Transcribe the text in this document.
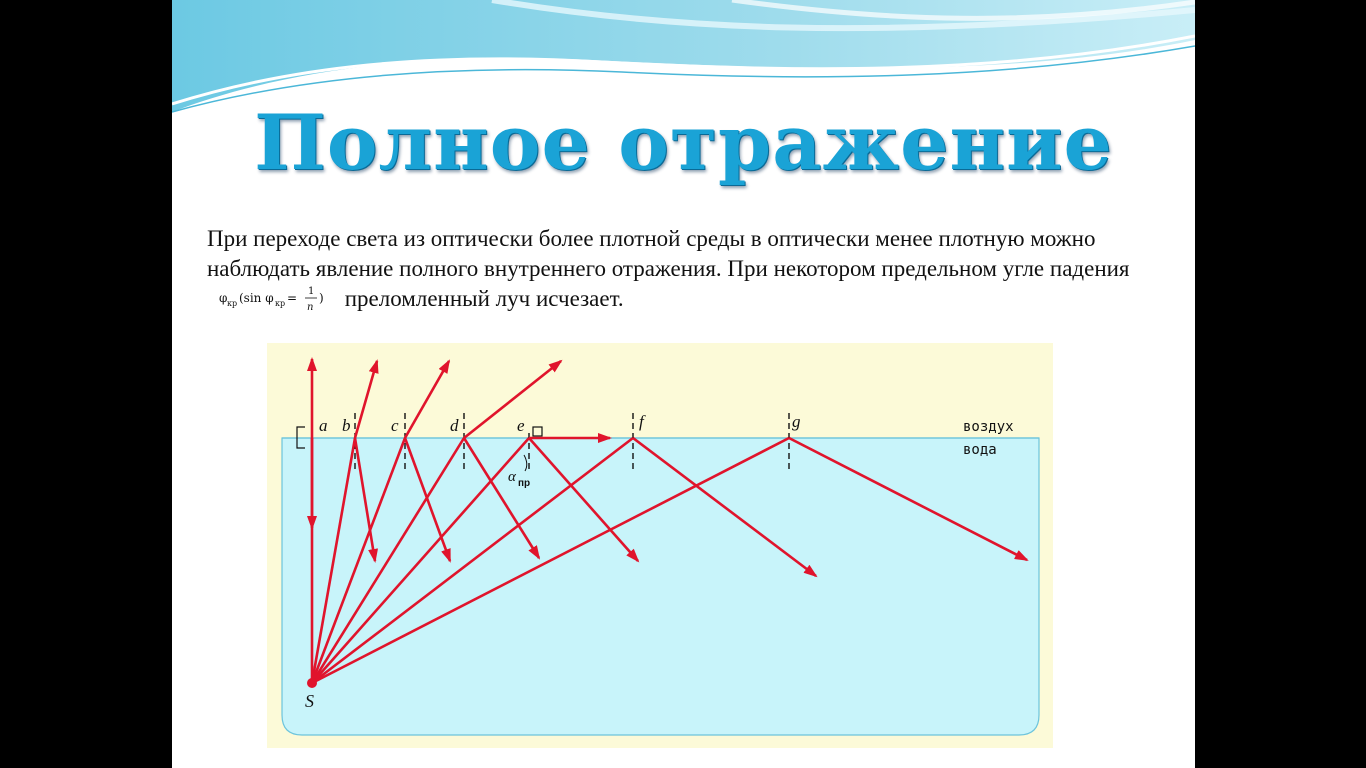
Полное отражение
При переходе света из оптически более плотной среды в оптически менее плотную можно наблюдать явление полного внутреннего отражения. При некотором предельном угле падения
φ кр (sin φ кр = 1
n
) преломленный луч исчезает.
a b c	d	e	f	g
S
воздух
вода
α пр
